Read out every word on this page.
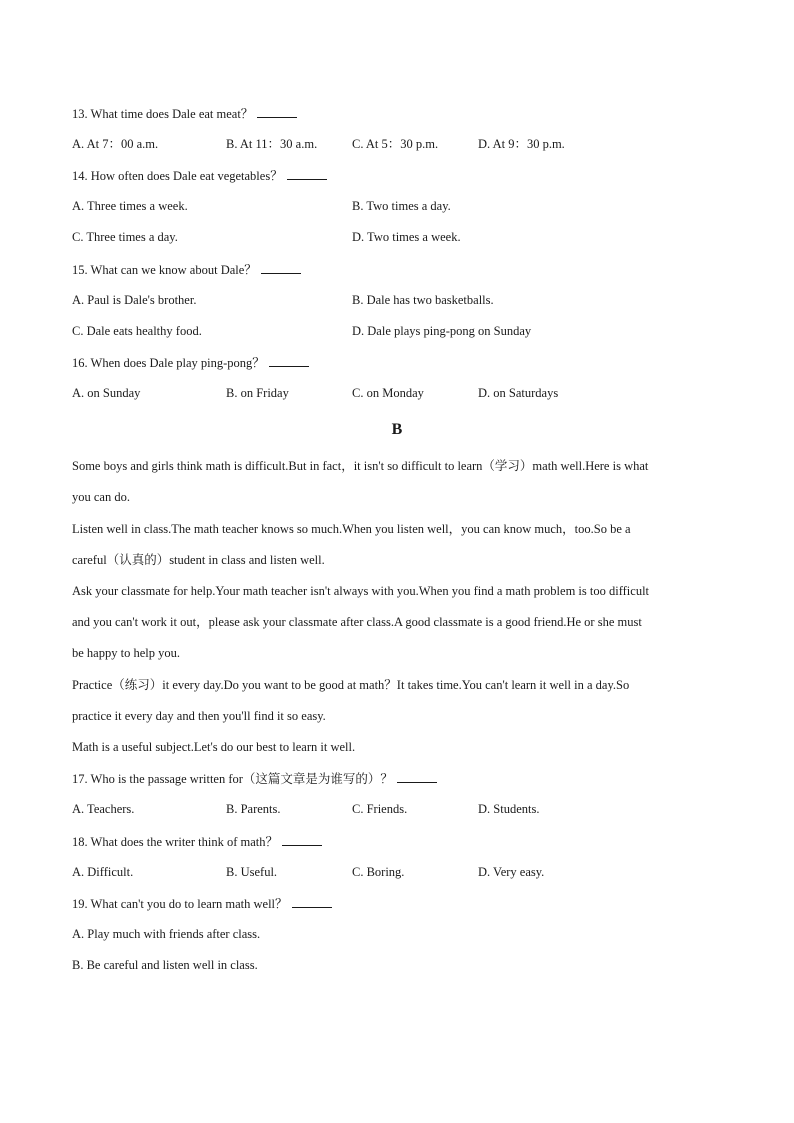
13. What time does Dale eat meat？
A. At 7：00 a.m.	B. At 11：30 a.m.	C. At 5：30 p.m.	D. At 9：30 p.m.
14. How often does Dale eat vegetables？
A. Three times a week.	B. Two times a day.
C. Three times a day.	D. Two times a week.
15. What can we know about Dale？
A. Paul is Dale's brother.	B. Dale has two basketballs.
C. Dale eats healthy food.	D. Dale plays ping-pong on Sunday
16. When does Dale play ping-pong？
A. on Sunday	B. on Friday	C. on Monday	D. on Saturdays
B
Some boys and girls think math is difficult.But in fact，it isn't so difficult to learn（学习）math well.Here is what
you can do.
Listen well in class.The math teacher knows so much.When you listen well，you can know much，too.So be a
careful（认真的）student in class and listen well.
Ask your classmate for help.Your math teacher isn't always with you.When you find a math problem is too difficult
and you can't work it out，please ask your classmate after class.A good classmate is a good friend.He or she must
be happy to help you.
Practice（练习）it every day.Do you want to be good at math？It takes time.You can't learn it well in a day.So
practice it every day and then you'll find it so easy.
Math is a useful subject.Let's do our best to learn it well.
17. Who is the passage written for（这篇文章是为谁写的）？
A. Teachers.	B. Parents.	C. Friends.	D. Students.
18. What does the writer think of math？
A. Difficult.	B. Useful.	C. Boring.	D. Very easy.
19. What can't you do to learn math well？
A. Play much with friends after class.
B. Be careful and listen well in class.
